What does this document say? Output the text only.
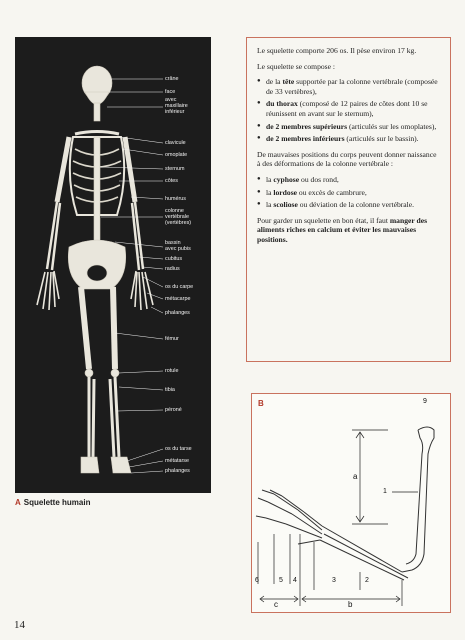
crâne
face
avec
maxillaire
inférieur
clavicule
omoplate
sternum
côtes
humérus
colonne
vertébrale
(vertèbres)
bassin
avec pubis
cubitus
radius
os du carpe
métacarpe
phalanges
fémur
rotule
tibia
péroné
os du tarse
métatarse
phalanges
A Squelette humain

Le squelette comporte 206 os. Il pèse environ 17 kg.

Le squelette se compose :

● de la tête supportée par la colonne vertébrale (composée de 33 vertèbres),
● du thorax (composé de 12 paires de côtes dont 10 se réunissent en avant sur le sternum),
● de 2 membres supérieurs (articulés sur les omoplates),
● de 2 membres inférieurs (articulés sur le bassin).

De mauvaises positions du corps peuvent donner naissance à des déformations de la colonne vertébrale :

● la cyphose ou dos rond,
● la lordose ou excès de cambrure,
● la scoliose ou déviation de la colonne vertébrale.

Pour garder un squelette en bon état, il faut manger des aliments riches en calcium et éviter les mauvaises positions.

B	9
a
1
6	5 4	3	2
c	b
14
